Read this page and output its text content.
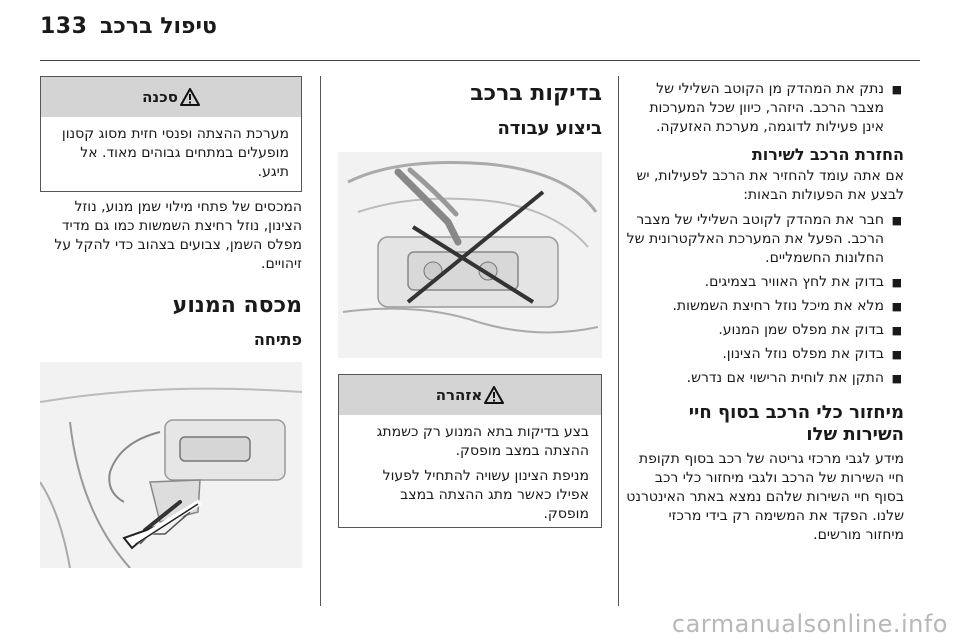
133 טיפול ברכב
■ נתק את המהדק מן הקוטב השלילי של מצבר הרכב. היזהר, כיוון שכל המערכות אינן פעילות לדוגמה, מערכת האזעקה.
החזרת הרכב לשירות
אם אתה עומד להחזיר את הרכב לפעילות, יש לבצע את הפעולות הבאות:
■ חבר את המהדק לקוטב השלילי של מצבר הרכב. הפעל את המערכת האלקטרונית של החלונות החשמליים.
■ בדוק את לחץ האוויר בצמיגים.
■ מלא את מיכל נוזל רחיצת השמשות.
■ בדוק את מפלס שמן המנוע.
■ בדוק את מפלס נוזל הצינון.
■ התקן את לוחית הרישוי אם נדרש.
מיחזור כלי הרכב בסוף חיי השירות שלו
מידע לגבי מרכזי גריטה של רכב בסוף תקופת חיי השירות של הרכב ולגבי מיחזור כלי רכב בסוף חיי השירות שלהם נמצא באתר האינטרנט שלנו. הפקד את המשימה רק בידי מרכזי מיחזור מורשים.
בדיקות ברכב
ביצוע עבודה
אזהרה
בצע בדיקות בתא המנוע רק כשמתג ההצתה במצב מופסק.
מניפת הצינון עשויה להתחיל לפעול אפילו כאשר מתג ההצתה במצב מופסק.
סכנה
מערכת ההצתה ופנסי חזית מסוג קסנון מופעלים במתחים גבוהים מאוד. אל תיגע.
המכסים של פתחי מילוי שמן מנוע, נוזל הצינון, נוזל רחיצת השמשות כמו גם מדיד מפלס השמן, צבועים בצהוב כדי להקל על זיהויים.
מכסה המנוע
פתיחה
carmanualsonline.info
